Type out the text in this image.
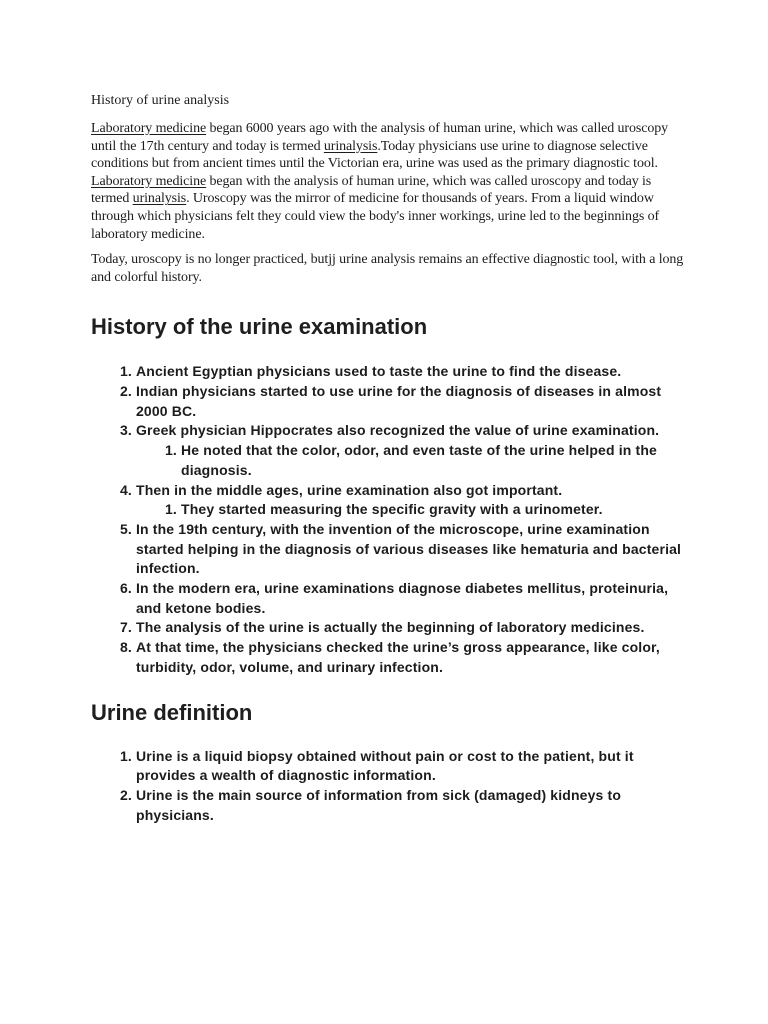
History of urine analysis

Laboratory medicine began 6000 years ago with the analysis of human urine, which was called uroscopy until the 17th century and today is termed urinalysis.Today physicians use urine to diagnose selective conditions but from ancient times until the Victorian era, urine was used as the primary diagnostic tool. Laboratory medicine began with the analysis of human urine, which was called uroscopy and today is termed urinalysis. Uroscopy was the mirror of medicine for thousands of years. From a liquid window through which physicians felt they could view the body's inner workings, urine led to the beginnings of laboratory medicine.

Today, uroscopy is no longer practiced, butjj urine analysis remains an effective diagnostic tool, with a long and colorful history.

History of the urine examination
1. Ancient Egyptian physicians used to taste the urine to find the disease.
2. Indian physicians started to use urine for the diagnosis of diseases in almost 2000 BC.
3. Greek physician Hippocrates also recognized the value of urine examination.
1. He noted that the color, odor, and even taste of the urine helped in the diagnosis.
4. Then in the middle ages, urine examination also got important.
1. They started measuring the specific gravity with a urinometer.
5. In the 19th century, with the invention of the microscope, urine examination started helping in the diagnosis of various diseases like hematuria and bacterial infection.
6. In the modern era, urine examinations diagnose diabetes mellitus, proteinuria, and ketone bodies.
7. The analysis of the urine is actually the beginning of laboratory medicines.
8. At that time, the physicians checked the urine’s gross appearance, like color, turbidity, odor, volume, and urinary infection.
Urine definition
1. Urine is a liquid biopsy obtained without pain or cost to the patient, but it provides a wealth of diagnostic information.
2. Urine is the main source of information from sick (damaged) kidneys to physicians.
